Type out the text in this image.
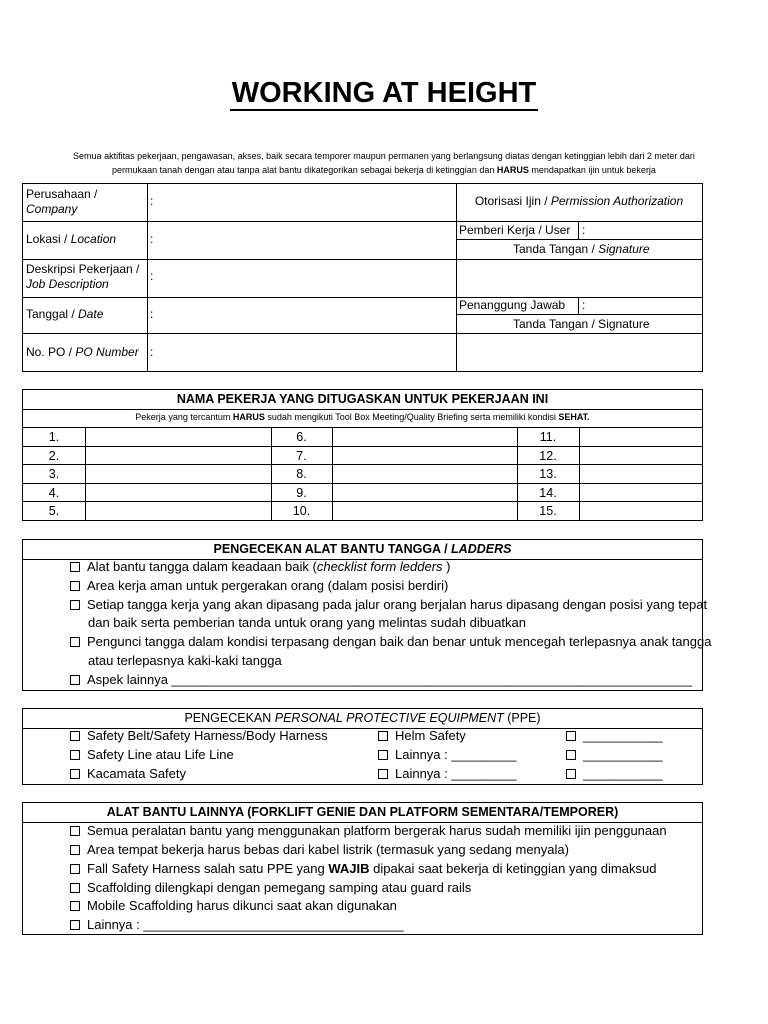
WORKING AT HEIGHT
Semua aktifitas pekerjaan, pengawasan, akses, baik secara temporer maupun permanen yang berlangsung diatas dengan ketinggian lebih dari 2 meter dari
permukaan tanah dengan atau tanpa alat bantu dikategorikan sebagai bekerja di ketinggian dan HARUS mendapatkan ijin untuk bekerja
Perusahaan /
Company
:
Lokasi / Location	:
Deskripsi Pekerjaan /
Job Description
:
Tanggal / Date	:
No. PO / PO Number :
Otorisasi Ijin / Permission Authorization
Pemberi Kerja / User :
Tanda Tangan / Signature
Penanggung Jawab :
Tanda Tangan / Signature
NAMA PEKERJA YANG DITUGASKAN UNTUK PEKERJAAN INI
Pekerja yang tercantum HARUS sudah mengikuti Tool Box Meeting/Quality Briefing serta memiliki kondisi SEHAT.
1.
2.
3.
4.
5.
6.
7.
8.
9.
10.
11.
12.
13.
14.
15.
PENGECEKAN ALAT BANTU TANGGA / LADDERS
Alat bantu tangga dalam keadaan baik (checklist form ledders )
Area kerja aman untuk pergerakan orang (dalam posisi berdiri)
Setiap tangga kerja yang akan dipasang pada jalur orang berjalan harus dipasang dengan posisi yang tepat
dan baik serta pemberian tanda untuk orang yang melintas sudah dibuatkan
Pengunci tangga dalam kondisi terpasang dengan baik dan benar untuk mencegah terlepasnya anak tangga
atau terlepasnya kaki-kaki tangga
Aspek lainnya ________________________________________________________________________
PENGECEKAN PERSONAL PROTECTIVE EQUIPMENT (PPE)
Safety Belt/Safety Harness/Body Harness
Safety Line atau Life Line
Kacamata Safety
Helm Safety
Lainnya : _________
Lainnya : _________
___________
___________
___________
ALAT BANTU LAINNYA (FORKLIFT GENIE DAN PLATFORM SEMENTARA/TEMPORER)
Semua peralatan bantu yang menggunakan platform bergerak harus sudah memiliki ijin penggunaan
Area tempat bekerja harus bebas dari kabel listrik (termasuk yang sedang menyala)
Fall Safety Harness salah satu PPE yang WAJIB dipakai saat bekerja di ketinggian yang dimaksud
Scaffolding dilengkapi dengan pemegang samping atau guard rails
Mobile Scaffolding harus dikunci saat akan digunakan
Lainnya : ____________________________________
